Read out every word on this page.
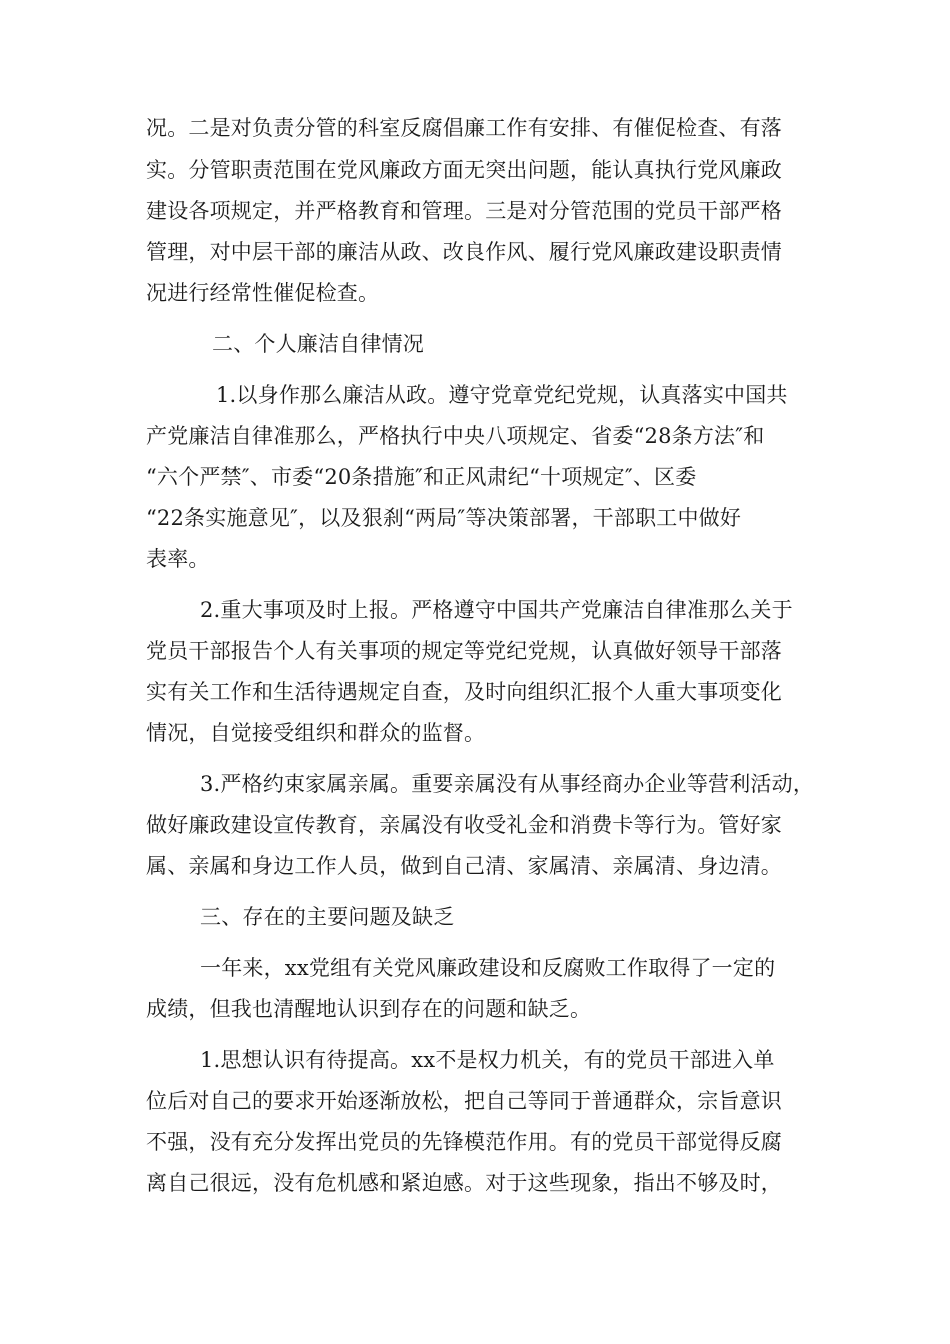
况。二是对负责分管的科室反腐倡廉工作有安排、有催促检查、有落
实。分管职责范围在党风廉政方面无突出问题，能认真执行党风廉政
建设各项规定，并严格教育和管理。三是对分管范围的党员干部严格
管理，对中层干部的廉洁从政、改良作风、履行党风廉政建设职责情
况进行经常性催促检查。
二、个人廉洁自律情况
1.以身作那么廉洁从政。遵守党章党纪党规，认真落实中国共
产党廉洁自律准那么，严格执行中央八项规定、省委“28条方法″和
“六个严禁″、市委“20条措施″和正风肃纪“十项规定″、区委
“22条实施意见″，以及狠刹“两局″等决策部署，干部职工中做好
表率。
2.重大事项及时上报。严格遵守中国共产党廉洁自律准那么关于
党员干部报告个人有关事项的规定等党纪党规，认真做好领导干部落
实有关工作和生活待遇规定自查，及时向组织汇报个人重大事项变化
情况，自觉接受组织和群众的监督。
3.严格约束家属亲属。重要亲属没有从事经商办企业等营利活动，
做好廉政建设宣传教育，亲属没有收受礼金和消费卡等行为。管好家
属、亲属和身边工作人员，做到自己清、家属清、亲属清、身边清。
三、存在的主要问题及缺乏
一年来，xx党组有关党风廉政建设和反腐败工作取得了一定的
成绩，但我也清醒地认识到存在的问题和缺乏。
1.思想认识有待提高。xx不是权力机关，有的党员干部进入单
位后对自己的要求开始逐渐放松，把自己等同于普通群众，宗旨意识
不强，没有充分发挥出党员的先锋模范作用。有的党员干部觉得反腐
离自己很远，没有危机感和紧迫感。对于这些现象，指出不够及时，
